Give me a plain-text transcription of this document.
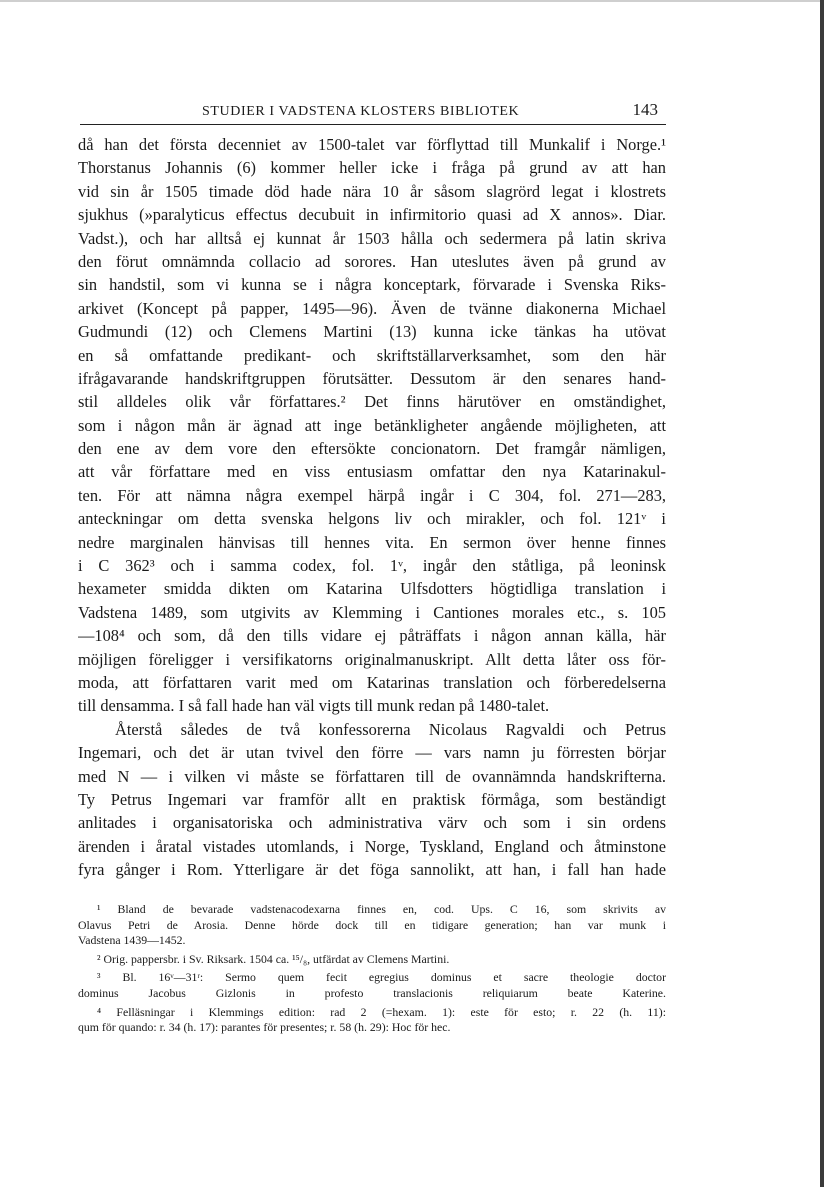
STUDIER I VADSTENA KLOSTERS BIBLIOTEK	143
då han det första decenniet av 1500-talet var förflyttad till Munkalif i Norge.¹
Thorstanus Johannis (6) kommer heller icke i fråga på grund av att han
vid sin år 1505 timade död hade nära 10 år såsom slagrörd legat i klostrets
sjukhus (»paralyticus effectus decubuit in infirmitorio quasi ad X annos». Diar.
Vadst.), och har alltså ej kunnat år 1503 hålla och sedermera på latin skriva
den förut omnämnda collacio ad sorores. Han uteslutes även på grund av
sin handstil, som vi kunna se i några konceptark, förvarade i Svenska Riks-
arkivet (Koncept på papper, 1495—96). Även de tvänne diakonerna Michael
Gudmundi (12) och Clemens Martini (13) kunna icke tänkas ha utövat
en så omfattande predikant- och skriftställarverksamhet, som den här
ifrågavarande handskriftgruppen förutsätter. Dessutom är den senares hand-
stil alldeles olik vår författares.² Det finns härutöver en omständighet,
som i någon mån är ägnad att inge betänkligheter angående möjligheten, att
den ene av dem vore den eftersökte concionatorn. Det framgår nämligen,
att vår författare med en viss entusiasm omfattar den nya Katarinakul-
ten. För att nämna några exempel härpå ingår i C 304, fol. 271—283,
anteckningar om detta svenska helgons liv och mirakler, och fol. 121ᵛ i
nedre marginalen hänvisas till hennes vita. En sermon över henne finnes
i C 362³ och i samma codex, fol. 1ᵛ, ingår den ståtliga, på leoninsk
hexameter smidda dikten om Katarina Ulfsdotters högtidliga translation i
Vadstena 1489, som utgivits av Klemming i Cantiones morales etc., s. 105
—108⁴ och som, då den tills vidare ej påträffats i någon annan källa, här
möjligen föreligger i versifikatorns originalmanuskript. Allt detta låter oss för-
moda, att författaren varit med om Katarinas translation och förberedelserna
till densamma. I så fall hade han väl vigts till munk redan på 1480-talet.
Återstå således de två konfessorerna Nicolaus Ragvaldi och Petrus
Ingemari, och det är utan tvivel den förre — vars namn ju förresten börjar
med N — i vilken vi måste se författaren till de ovannämnda handskrifterna.
Ty Petrus Ingemari var framför allt en praktisk förmåga, som beständigt
anlitades i organisatoriska och administrativa värv och som i sin ordens
ärenden i åratal vistades utomlands, i Norge, Tyskland, England och åtminstone
fyra gånger i Rom. Ytterligare är det föga sannolikt, att han, i fall han hade
¹ Bland de bevarade vadstenacodexarna finnes en, cod. Ups. C 16, som skrivits av
Olavus Petri de Arosia. Denne hörde dock till en tidigare generation; han var munk i
Vadstena 1439—1452.
² Orig. pappersbr. i Sv. Riksark. 1504 ca. ¹⁵/₈, utfärdat av Clemens Martini.
³ Bl. 16ᵛ—31ʳ: Sermo quem fecit egregius dominus et sacre theologie doctor
dominus Jacobus Gizlonis in profesto translacionis reliquiarum beate Katerine.
⁴ Felläsningar i Klemmings edition: rad 2 (=hexam. 1): este för esto; r. 22 (h. 11):
qum för quando: r. 34 (h. 17): parantes för presentes; r. 58 (h. 29): Hoc för hec.
